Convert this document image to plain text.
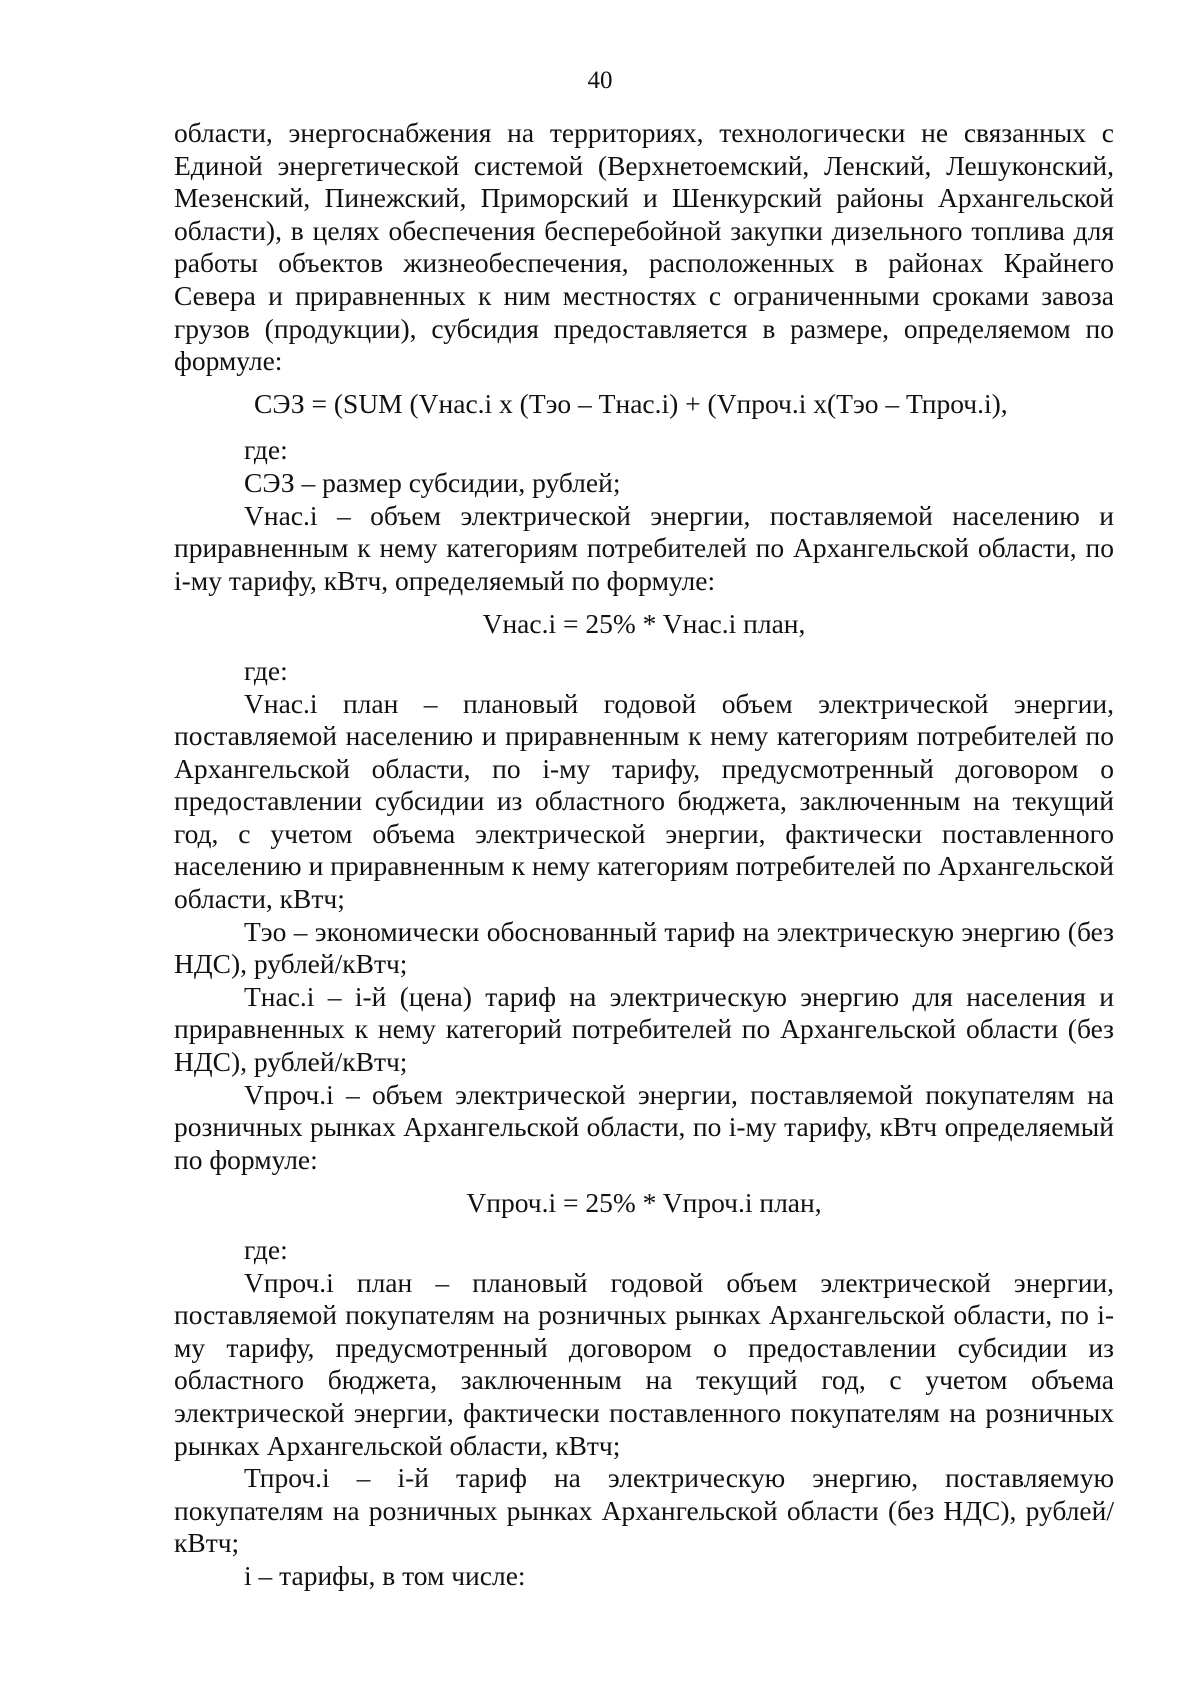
40

области, энергоснабжения на территориях, технологически не связанных с Единой энергетической системой (Верхнетоемский, Ленский, Лешуконский, Мезенский, Пинежский, Приморский и Шенкурский районы Архангельской области), в целях обеспечения бесперебойной закупки дизельного топлива для работы объектов жизнеобеспечения, расположенных в районах Крайнего Севера и приравненных к ним местностях с ограниченными сроками завоза грузов (продукции), субсидия предоставляется в размере, определяемом по формуле:

СЭЗ = (SUM (Vнас.i x (Тэо – Тнас.i) + (Vпроч.i x(Тэо – Тпроч.i),

где:

СЭЗ – размер субсидии, рублей;

Vнас.i – объем электрической энергии, поставляемой населению и приравненным к нему категориям потребителей по Архангельской области, по i-му тарифу, кВтч, определяемый по формуле:

Vнас.i = 25% * Vнас.i план,

где:

Vнас.i план – плановый годовой объем электрической энергии, поставляемой населению и приравненным к нему категориям потребителей по Архангельской области, по i-му тарифу, предусмотренный договором о предоставлении субсидии из областного бюджета, заключенным на текущий год, с учетом объема электрической энергии, фактически поставленного населению и приравненным к нему категориям потребителей по Архангельской области, кВтч;

Тэо – экономически обоснованный тариф на электрическую энергию (без НДС), рублей/кВтч;

Тнас.i – i-й (цена) тариф на электрическую энергию для населения и приравненных к нему категорий потребителей по Архангельской области (без НДС), рублей/кВтч;

Vпроч.i – объем электрической энергии, поставляемой покупателям на розничных рынках Архангельской области, по i-му тарифу, кВтч определяемый по формуле:

Vпроч.i = 25% * Vпроч.i план,

где:

Vпроч.i план – плановый годовой объем электрической энергии, поставляемой покупателям на розничных рынках Архангельской области, по i-му тарифу, предусмотренный договором о предоставлении субсидии из областного бюджета, заключенным на текущий год, с учетом объема электрической энергии, фактически поставленного покупателям на розничных рынках Архангельской области, кВтч;

Тпроч.i – i-й тариф на электрическую энергию, поставляемую покупателям на розничных рынках Архангельской области (без НДС), рублей/кВтч;

i – тарифы, в том числе:
